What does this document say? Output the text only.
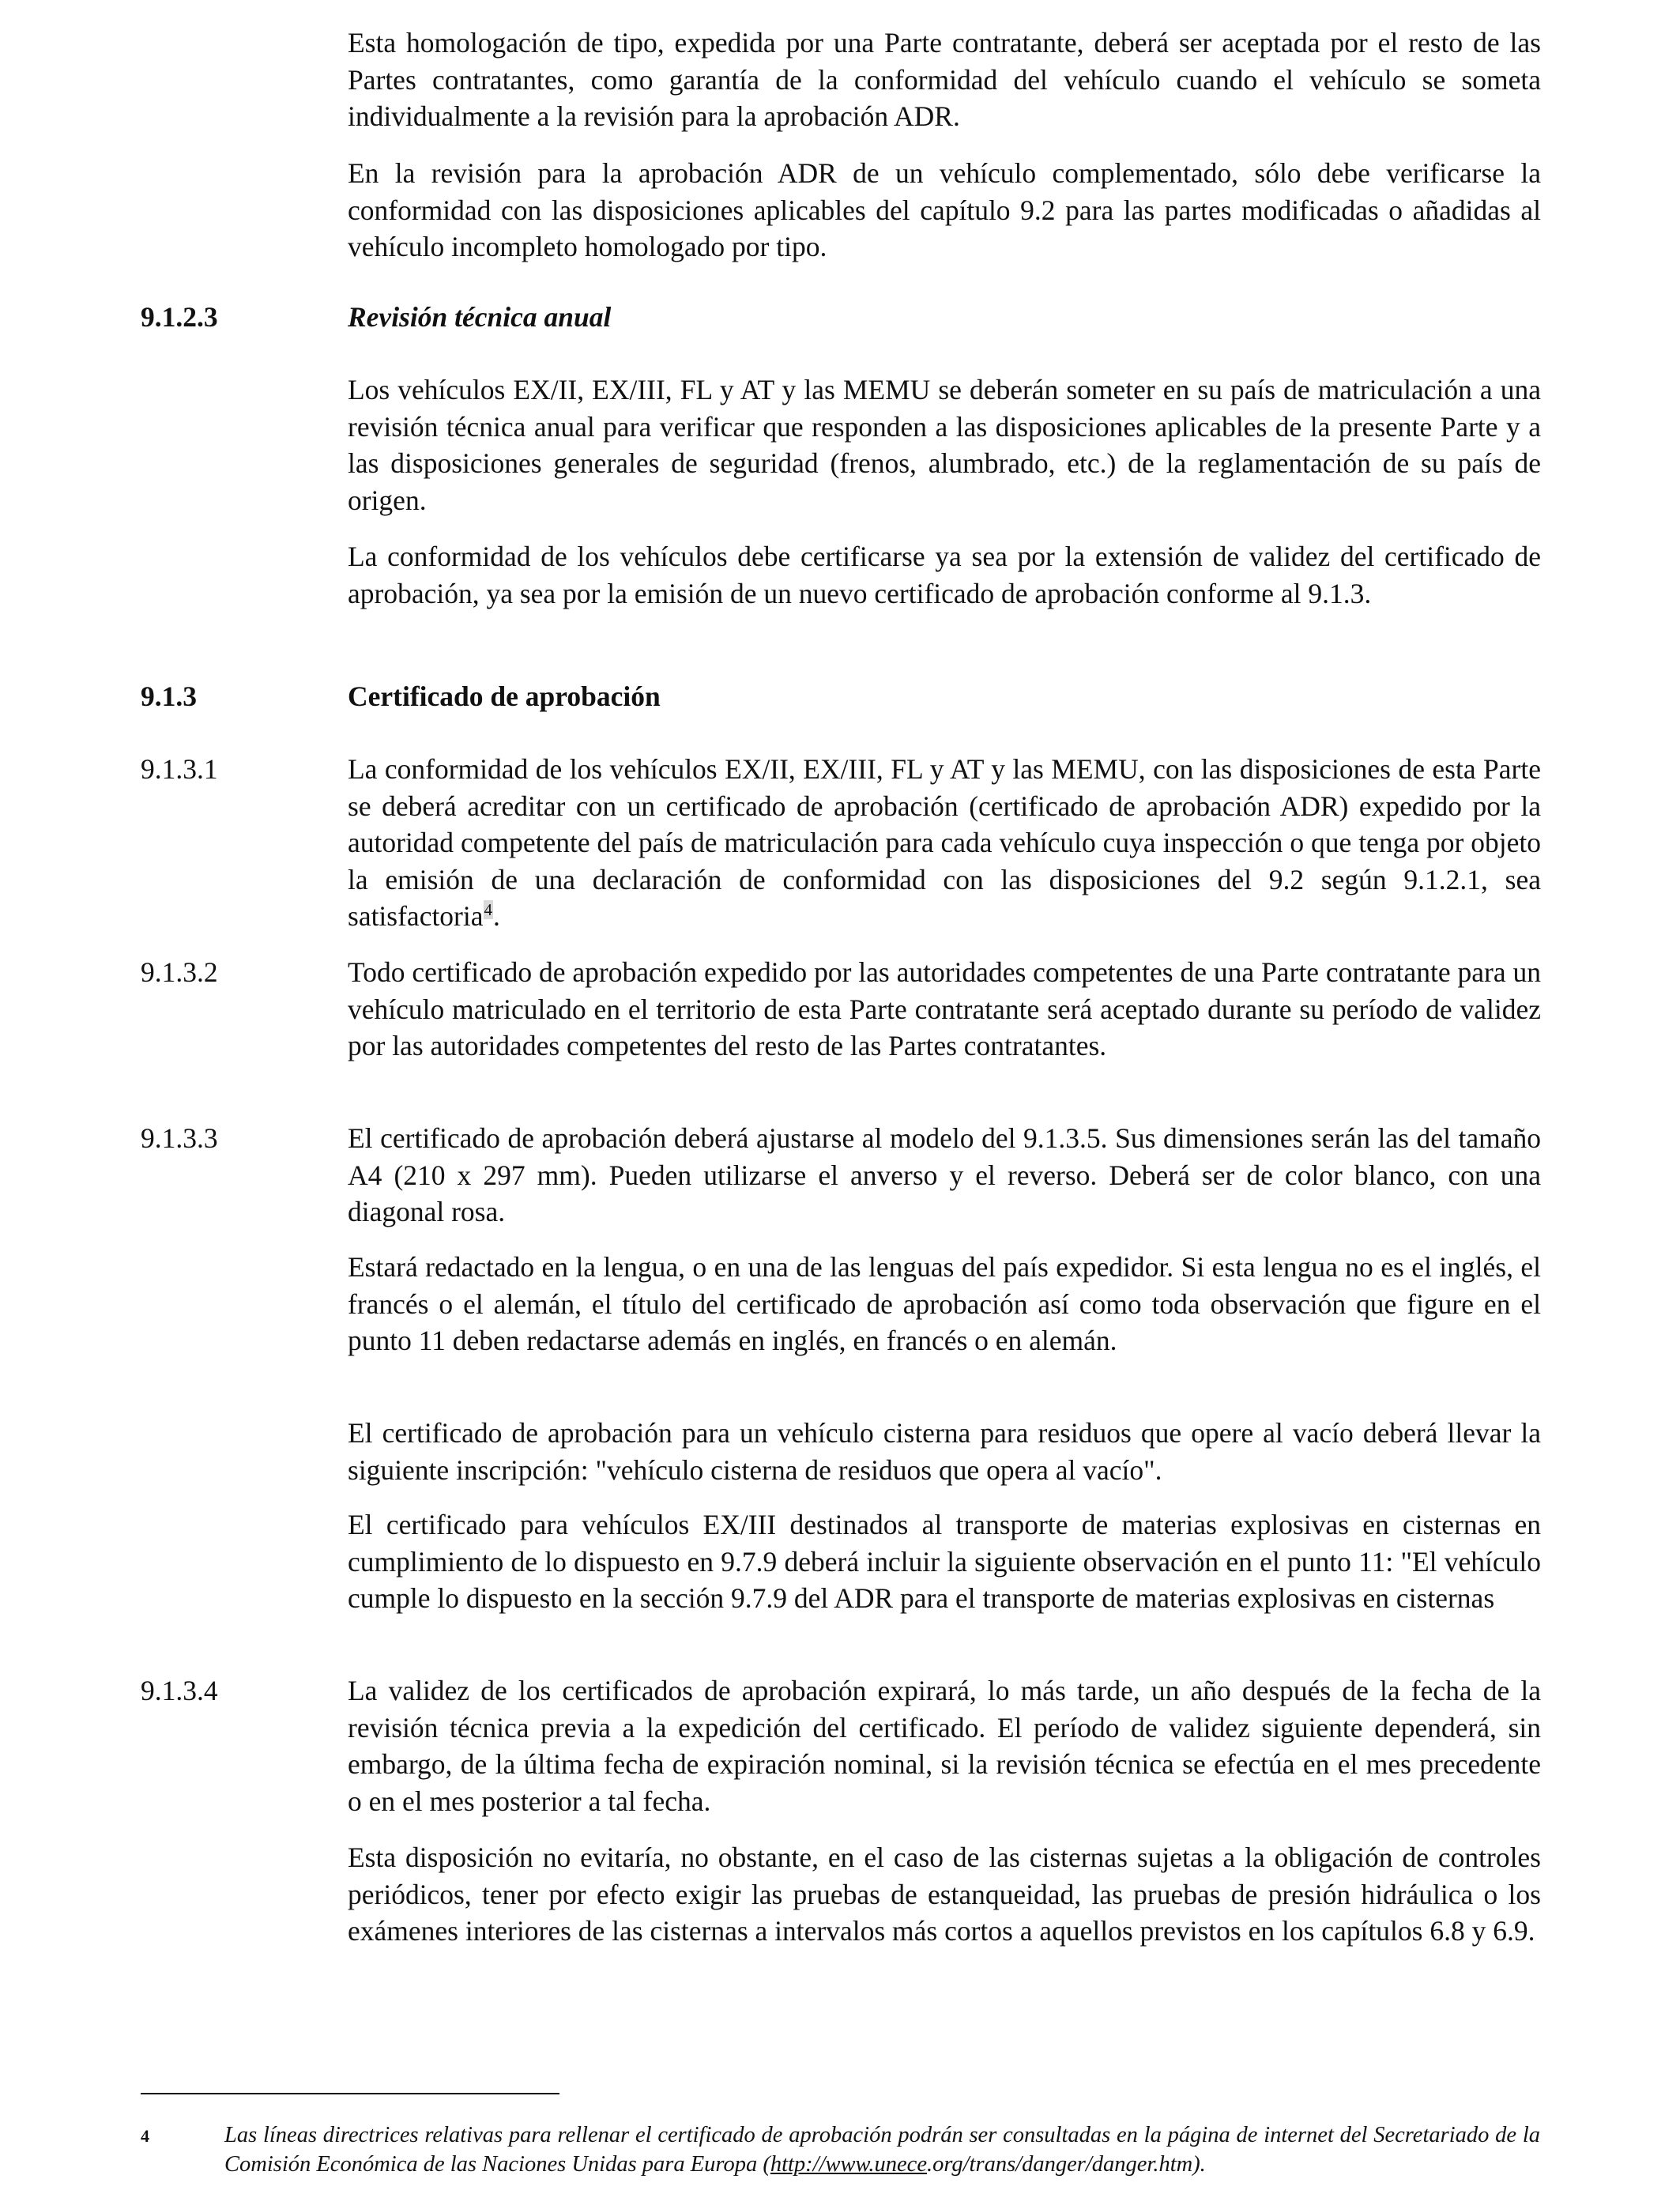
Esta homologación de tipo, expedida por una Parte contratante, deberá ser aceptada por el resto de las Partes contratantes, como garantía de la conformidad del vehículo cuando el vehículo se someta individualmente a la revisión para la aprobación ADR.

En la revisión para la aprobación ADR de un vehículo complementado, sólo debe verificarse la conformidad con las disposiciones aplicables del capítulo 9.2 para las partes modificadas o añadidas al vehículo incompleto homologado por tipo.

9.1.2.3	Revisión técnica anual

Los vehículos EX/II, EX/III, FL y AT y las MEMU se deberán someter en su país de matriculación a una revisión técnica anual para verificar que responden a las disposiciones aplicables de la presente Parte y a las disposiciones generales de seguridad (frenos, alumbrado, etc.) de la reglamentación de su país de origen.

La conformidad de los vehículos debe certificarse ya sea por la extensión de validez del certificado de aprobación, ya sea por la emisión de un nuevo certificado de aprobación conforme al 9.1.3.

9.1.3	Certificado de aprobación
9.1.3.1	La conformidad de los vehículos EX/II, EX/III, FL y AT y las MEMU, con las disposiciones de esta Parte se deberá acreditar con un certificado de aprobación (certificado de aprobación ADR) expedido por la autoridad competente del país de matriculación para cada vehículo cuya inspección o que tenga por objeto la emisión de una declaración de conformidad con las disposiciones del 9.2 según 9.1.2.1, sea satisfactoria$^4$.

9.1.3.2	Todo certificado de aprobación expedido por las autoridades competentes de una Parte contratante para un vehículo matriculado en el territorio de esta Parte contratante será aceptado durante su período de validez por las autoridades competentes del resto de las Partes contratantes.

9.1.3.3	El certificado de aprobación deberá ajustarse al modelo del 9.1.3.5. Sus dimensiones serán las del tamaño A4 (210 x 297 mm). Pueden utilizarse el anverso y el reverso. Deberá ser de color blanco, con una diagonal rosa.

Estará redactado en la lengua, o en una de las lenguas del país expedidor. Si esta lengua no es el inglés, el francés o el alemán, el título del certificado de aprobación así como toda observación que figure en el punto 11 deben redactarse además en inglés, en francés o en alemán.

El certificado de aprobación para un vehículo cisterna para residuos que opere al vacío deberá llevar la siguiente inscripción: "vehículo cisterna de residuos que opera al vacío".

El certificado para vehículos EX/III destinados al transporte de materias explosivas en cisternas en cumplimiento de lo dispuesto en 9.7.9 deberá incluir la siguiente observación en el punto 11: "El vehículo cumple lo dispuesto en la sección 9.7.9 del ADR para el transporte de materias explosivas en cisternas

9.1.3.4	La validez de los certificados de aprobación expirará, lo más tarde, un año después de la fecha de la revisión técnica previa a la expedición del certificado. El período de validez siguiente dependerá, sin embargo, de la última fecha de expiración nominal, si la revisión técnica se efectúa en el mes precedente o en el mes posterior a tal fecha.

Esta disposición no evitaría, no obstante, en el caso de las cisternas sujetas a la obligación de controles periódicos, tener por efecto exigir las pruebas de estanqueidad, las pruebas de presión hidráulica o los exámenes interiores de las cisternas a intervalos más cortos a aquellos previstos en los capítulos 6.8 y 6.9.

4	Las líneas directrices relativas para rellenar el certificado de aprobación podrán ser consultadas en la página de internet del Secretariado de la Comisión Económica de las Naciones Unidas para Europa (http://www.unece.org/trans/danger/danger.htm).
